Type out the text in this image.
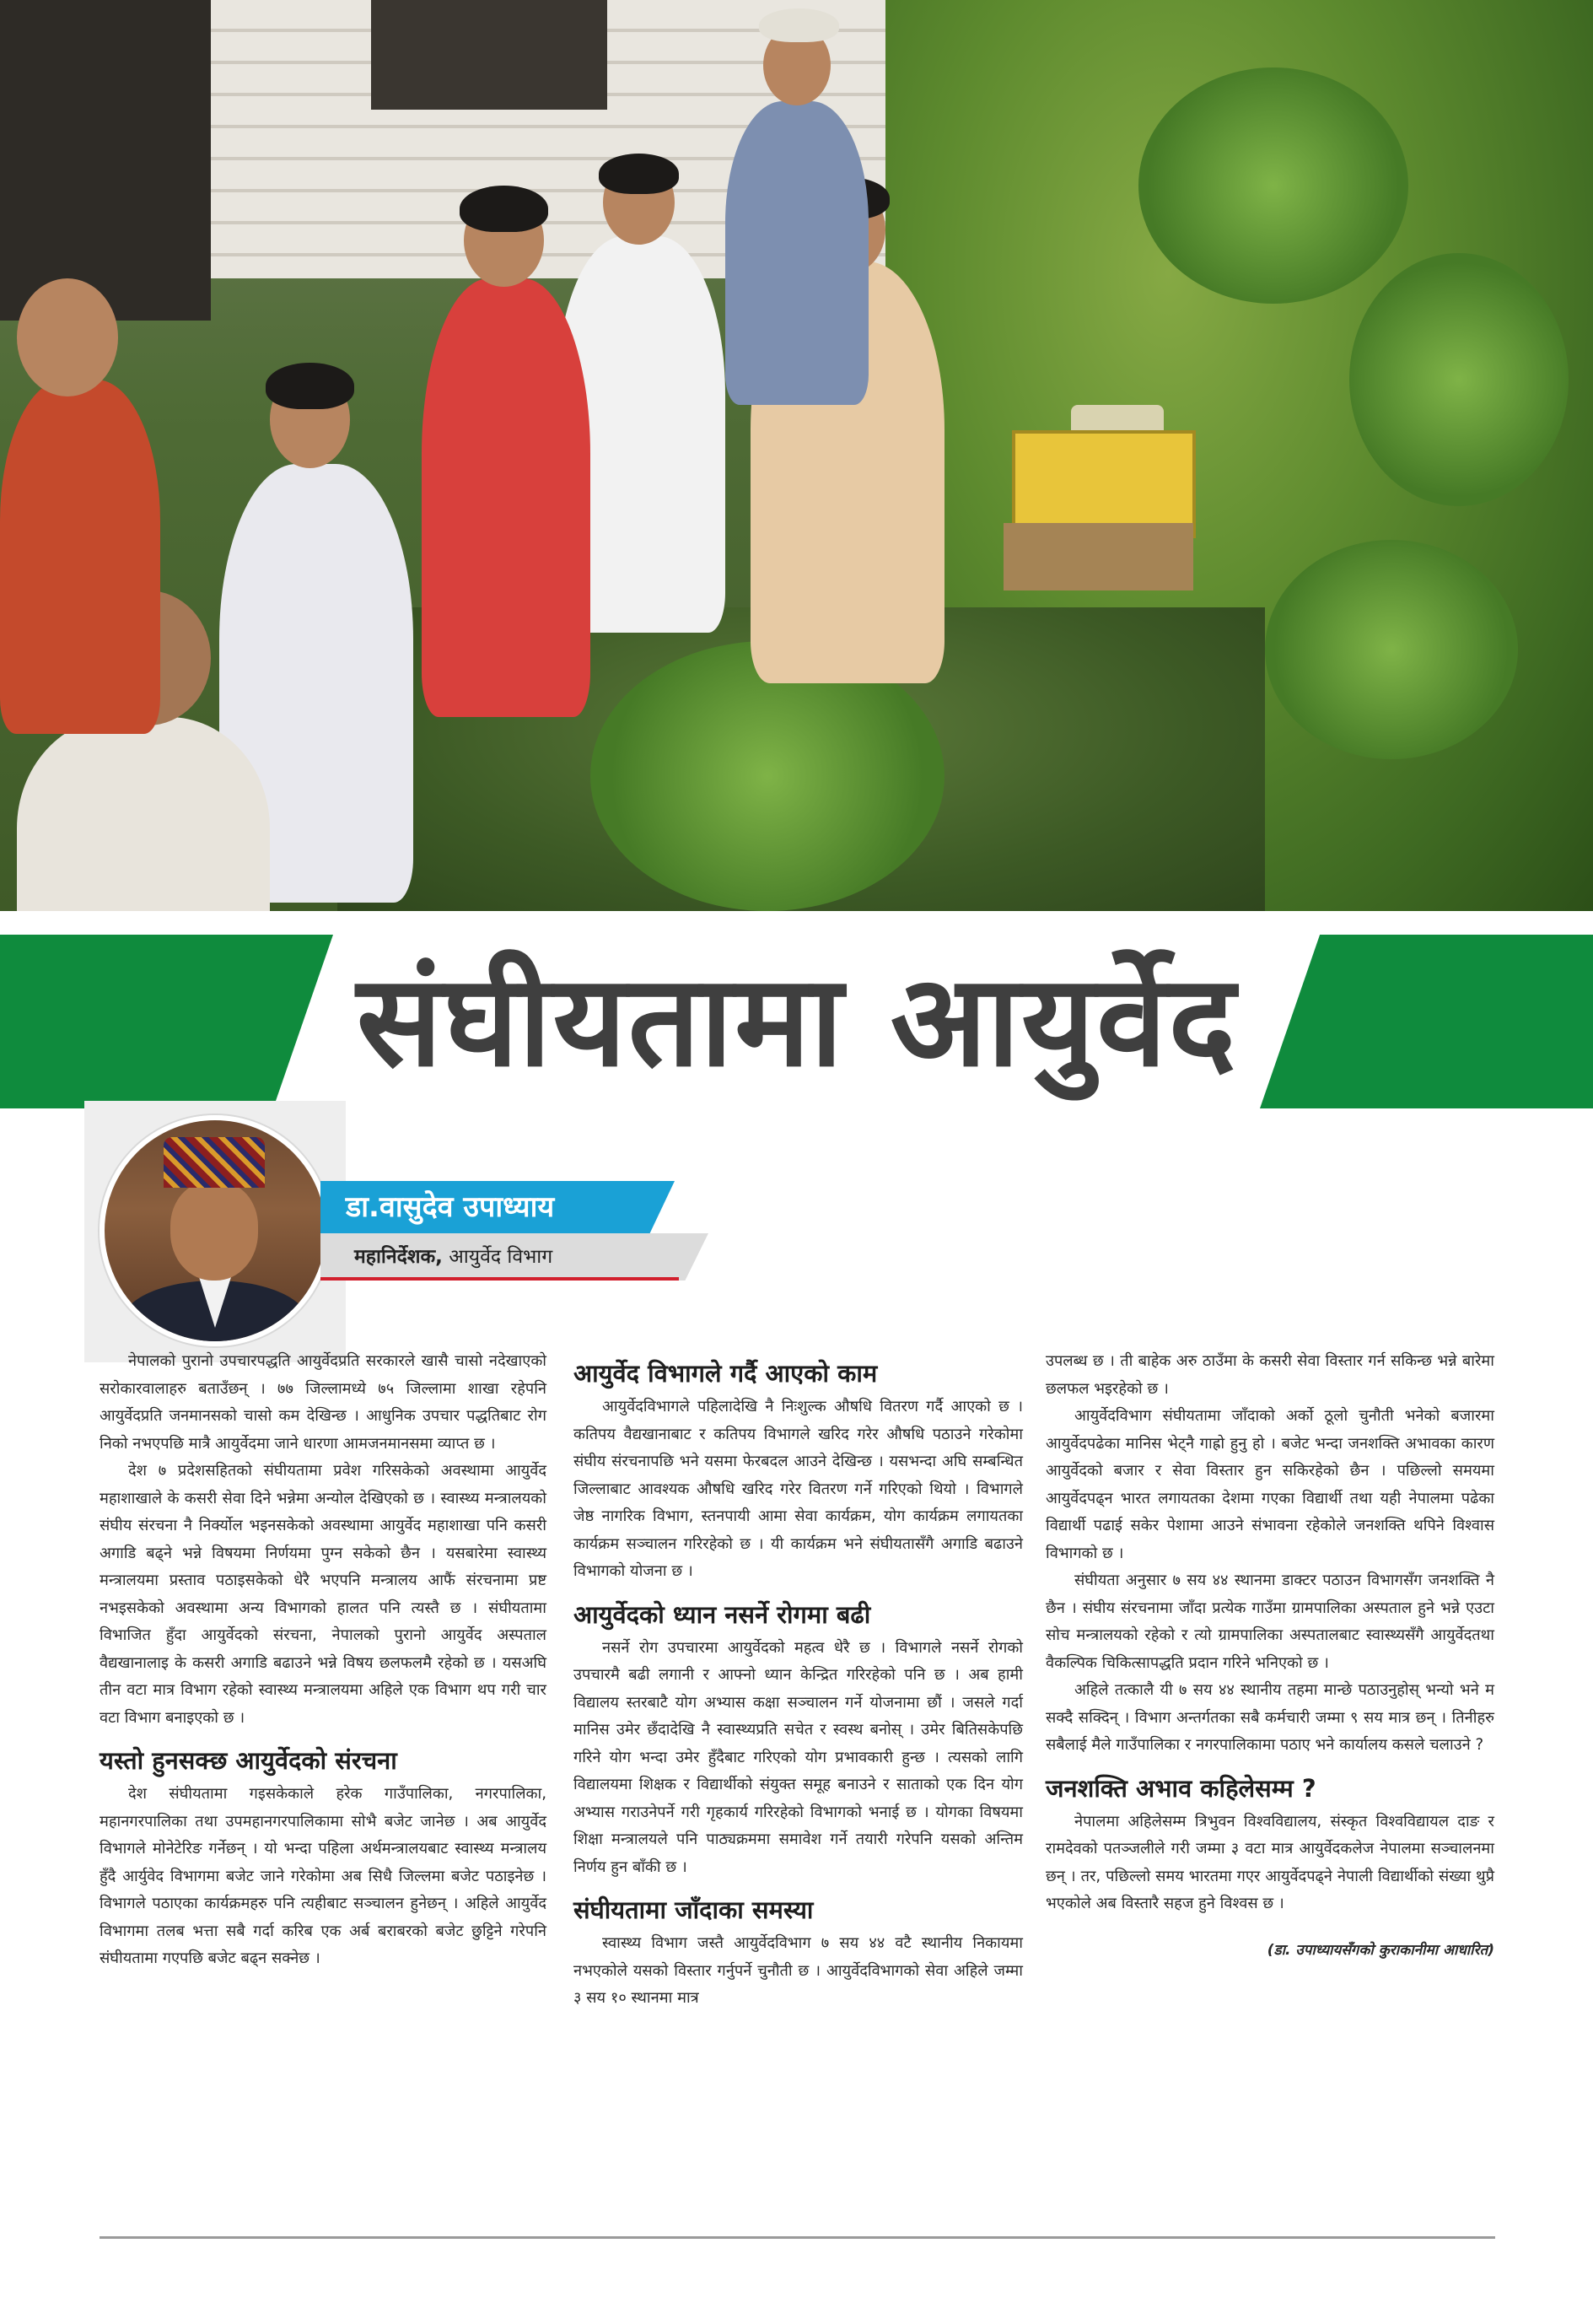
संघीयतामा आयुर्वेद
डा.वासुदेव उपाध्याय
महानिर्देशक, आयुर्वेद विभाग

नेपालको पुरानो उपचारपद्धति आयुर्वेदप्रति सरकारले खासै चासो नदेखाएको सरोकारवालाहरु बताउँछन् । ७७ जिल्लामध्ये ७५ जिल्लामा शाखा रहेपनि आयुर्वेदप्रति जनमानसको चासो कम देखिन्छ । आधुनिक उपचार पद्धतिबाट रोग निको नभएपछि मात्रै आयुर्वेदमा जाने धारणा आमजनमानसमा व्याप्त छ ।

देश ७ प्रदेशसहितको संघीयतामा प्रवेश गरिसकेको अवस्थामा आयुर्वेद महाशाखाले के कसरी सेवा दिने भन्नेमा अन्योल देखिएको छ । स्वास्थ्य मन्त्रालयको संघीय संरचना नै निर्क्योल भइनसकेको अवस्थामा आयुर्वेद महाशाखा पनि कसरी अगाडि बढ्ने भन्ने विषयमा निर्णयमा पुग्न सकेको छैन । यसबारेमा स्वास्थ्य मन्त्रालयमा प्रस्ताव पठाइसकेको धेरै भएपनि मन्त्रालय आफैं संरचनामा प्रष्ट नभइसकेको अवस्थामा अन्य विभागको हालत पनि त्यस्तै छ । संघीयतामा विभाजित हुँदा आयुर्वेदको संरचना, नेपालको पुरानो आयुर्वेद अस्पताल वैद्यखानालाइ के कसरी अगाडि बढाउने भन्ने विषय छलफलमै रहेको छ । यसअघि तीन वटा मात्र विभाग रहेको स्वास्थ्य मन्त्रालयमा अहिले एक विभाग थप गरी चार वटा विभाग बनाइएको छ ।

यस्तो हुनसक्छ आयुर्वेदको संरचना

देश संघीयतामा गइसकेकाले हरेक गाउँपालिका, नगरपालिका, महानगरपालिका तथा उपमहानगरपालिकामा सोभै बजेट जानेछ । अब आयुर्वेद विभागले मोनेटेरिङ गर्नेछन् । यो भन्दा पहिला अर्थमन्त्रालयबाट स्वास्थ्य मन्त्रालय हुँदै आर्युवेद विभागमा बजेट जाने गरेकोमा अब सिधै जिल्लमा बजेट पठाइनेछ । विभागले पठाएका कार्यक्रमहरु पनि त्यहीबाट सञ्चालन हुनेछन् । अहिले आयुर्वेद विभागमा तलब भत्ता सबै गर्दा करिब एक अर्ब बराबरको बजेट छुट्टिने गरेपनि संघीयतामा गएपछि बजेट बढ्न सक्नेछ ।

आयुर्वेद विभागले गर्दै आएको काम

आयुर्वेदविभागले पहिलादेखि नै निःशुल्क औषधि वितरण गर्दै आएको छ । कतिपय वैद्यखानाबाट र कतिपय विभागले खरिद गरेर औषधि पठाउने गरेकोमा संघीय संरचनापछि भने यसमा फेरबदल आउने देखिन्छ । यसभन्दा अघि सम्बन्धित जिल्लाबाट आवश्यक औषधि खरिद गरेर वितरण गर्ने गरिएको थियो । विभागले जेष्ठ नागरिक विभाग, स्तनपायी आमा सेवा कार्यक्रम, योग कार्यक्रम लगायतका कार्यक्रम सञ्चालन गरिरहेको छ । यी कार्यक्रम भने संघीयतासँगै अगाडि बढाउने विभागको योजना छ ।

आयुर्वेदको ध्यान नसर्ने रोगमा बढी

नसर्ने रोग उपचारमा आयुर्वेदको महत्व धेरै छ । विभागले नसर्ने रोगको उपचारमै बढी लगानी र आफ्नो ध्यान केन्द्रित गरिरहेको पनि छ । अब हामी विद्यालय स्तरबाटै योग अभ्यास कक्षा सञ्चालन गर्ने योजनामा छौं । जसले गर्दा मानिस उमेर छँदादेखि नै स्वास्थ्यप्रति सचेत र स्वस्थ बनोस् । उमेर बितिसकेपछि गरिने योग भन्दा उमेर हुँदैबाट गरिएको योग प्रभावकारी हुन्छ । त्यसको लागि विद्यालयमा शिक्षक र विद्यार्थीको संयुक्त समूह बनाउने र साताको एक दिन योग अभ्यास गराउनेपर्ने गरी गृहकार्य गरिरहेको विभागको भनाई छ । योगका विषयमा शिक्षा मन्त्रालयले पनि पाठ्यक्रममा समावेश गर्ने तयारी गरेपनि यसको अन्तिम निर्णय हुन बाँकी छ ।

संघीयतामा जाँदाका समस्या

स्वास्थ्य विभाग जस्तै आयुर्वेदविभाग ७ सय ४४ वटै स्थानीय निकायमा नभएकोले यसको विस्तार गर्नुपर्ने चुनौती छ । आयुर्वेदविभागको सेवा अहिले जम्मा ३ सय १० स्थानमा मात्र

उपलब्ध छ । ती बाहेक अरु ठाउँमा के कसरी सेवा विस्तार गर्न सकिन्छ भन्ने बारेमा छलफल भइरहेको छ ।

आयुर्वेदविभाग संघीयतामा जाँदाको अर्को ठूलो चुनौती भनेको बजारमा आयुर्वेदपढेका मानिस भेट्नै गाह्रो हुनु हो । बजेट भन्दा जनशक्ति अभावका कारण आयुर्वेदको बजार र सेवा विस्तार हुन सकिरहेको छैन । पछिल्लो समयमा आयुर्वेदपढ्न भारत लगायतका देशमा गएका विद्यार्थी तथा यही नेपालमा पढेका विद्यार्थी पढाई सकेर पेशामा आउने संभावना रहेकोले जनशक्ति थपिने विश्वास विभागको छ ।

संघीयता अनुसार ७ सय ४४ स्थानमा डाक्टर पठाउन विभागसँग जनशक्ति नै छैन । संघीय संरचनामा जाँदा प्रत्येक गाउँमा ग्रामपालिका अस्पताल हुने भन्ने एउटा सोच मन्त्रालयको रहेको र त्यो ग्रामपालिका अस्पतालबाट स्वास्थ्यसँगै आयुर्वेदतथा वैकल्पिक चिकित्सापद्धति प्रदान गरिने भनिएको छ ।

अहिले तत्कालै यी ७ सय ४४ स्थानीय तहमा मान्छे पठाउनुहोस् भन्यो भने म सक्दै सक्दिन् । विभाग अन्तर्गतका सबै कर्मचारी जम्मा ९ सय मात्र छन् । तिनीहरु सबैलाई मैले गाउँपालिका र नगरपालिकामा पठाए भने कार्यालय कसले चलाउने ?

जनशक्ति अभाव कहिलेसम्म ?

नेपालमा अहिलेसम्म त्रिभुवन विश्वविद्यालय, संस्कृत विश्वविद्यायल दाङ र रामदेवको पतञ्जलीले गरी जम्मा ३ वटा मात्र आयुर्वेदकलेज नेपालमा सञ्चालनमा छन् । तर, पछिल्लो समय भारतमा गएर आयुर्वेदपढ्ने नेपाली विद्यार्थीको संख्या थुप्रै भएकोले अब विस्तारै सहज हुने विश्वस छ ।

(डा. उपाध्यायसँगको कुराकानीमा आधारित)
